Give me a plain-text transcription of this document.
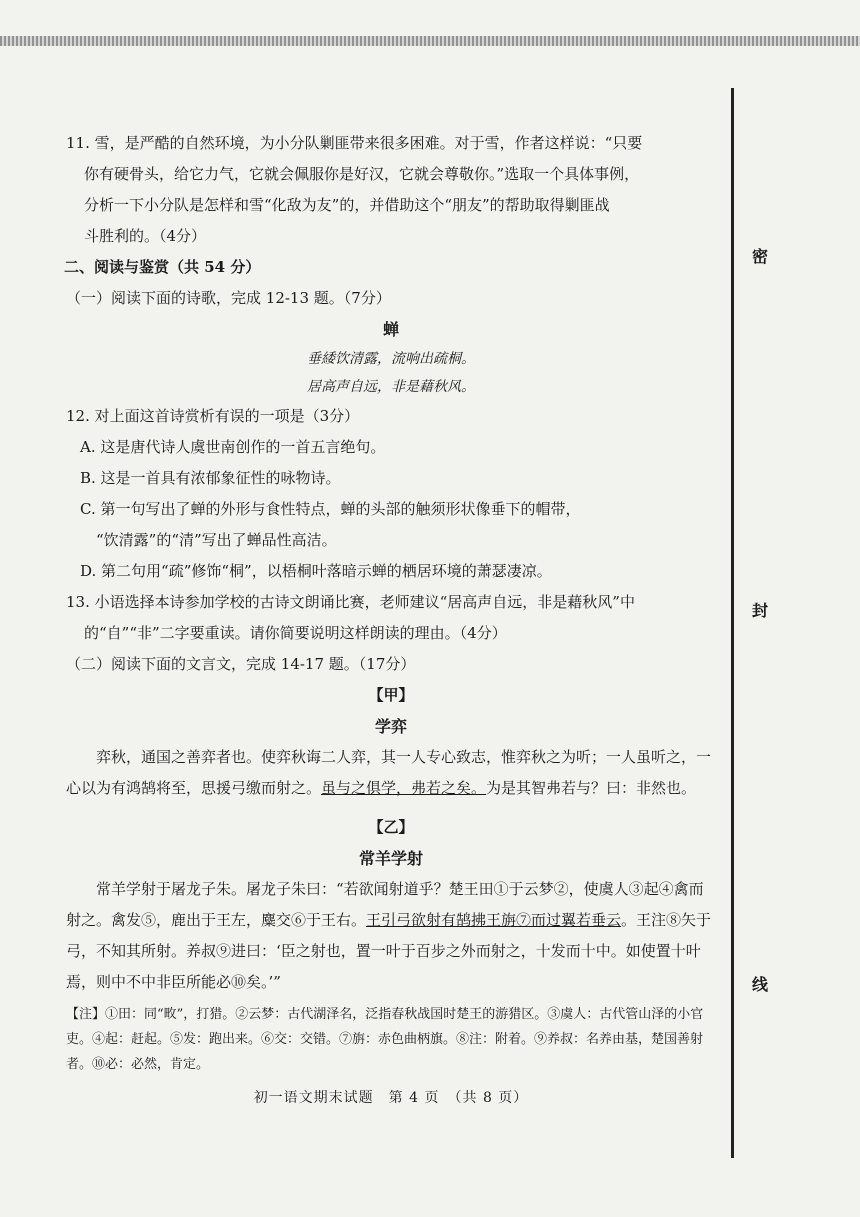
密
封
线

11. 雪，是严酷的自然环境，为小分队剿匪带来很多困难。对于雪，作者这样说：“只要

你有硬骨头，给它力气，它就会佩服你是好汉，它就会尊敬你。”选取一个具体事例，

分析一下小分队是怎样和雪“化敌为友”的，并借助这个“朋友”的帮助取得剿匪战

斗胜利的。（4分）

二、阅读与鉴赏（共 54 分）

（一）阅读下面的诗歌，完成 12-13 题。（7分）

蝉

垂緌饮清露，流响出疏桐。

居高声自远，非是藉秋风。

12. 对上面这首诗赏析有误的一项是（3分）

A. 这是唐代诗人虞世南创作的一首五言绝句。

B. 这是一首具有浓郁象征性的咏物诗。

C. 第一句写出了蝉的外形与食性特点，蝉的头部的触须形状像垂下的帽带，

“饮清露”的“清”写出了蝉品性高洁。

D. 第二句用“疏”修饰“桐”，以梧桐叶落暗示蝉的栖居环境的萧瑟凄凉。

13. 小语选择本诗参加学校的古诗文朗诵比赛，老师建议“居高声自远，非是藉秋风”中

的“自”“非”二字要重读。请你简要说明这样朗读的理由。（4分）

（二）阅读下面的文言文，完成 14-17 题。（17分）

【甲】

学弈

弈秋，通国之善弈者也。使弈秋诲二人弈，其一人专心致志，惟弈秋之为听；一人虽听之，一心以为有鸿鹄将至，思援弓缴而射之。虽与之俱学，弗若之矣。为是其智弗若与？曰：非然也。

【乙】

常羊学射

常羊学射于屠龙子朱。屠龙子朱曰：“若欲闻射道乎？楚王田①于云梦②，使虞人③起④禽而射之。禽发⑤，鹿出于王左，麋交⑥于王右。王引弓欲射有鹄拂王旃⑦而过翼若垂云。王注⑧矢于弓，不知其所射。养叔⑨进曰：‘臣之射也，置一叶于百步之外而射之，十发而十中。如使置十叶焉，则中不中非臣所能必⑩矣。’”

【注】①田：同“畋”，打猎。②云梦：古代湖泽名，泛指春秋战国时楚王的游猎区。③虞人：古代管山泽的小官吏。④起：赶起。⑤发：跑出来。⑥交：交错。⑦旃：赤色曲柄旗。⑧注：附着。⑨养叔：名养由基，楚国善射者。⑩必：必然，肯定。

初一语文期末试题　第 4 页　（共 8 页）
